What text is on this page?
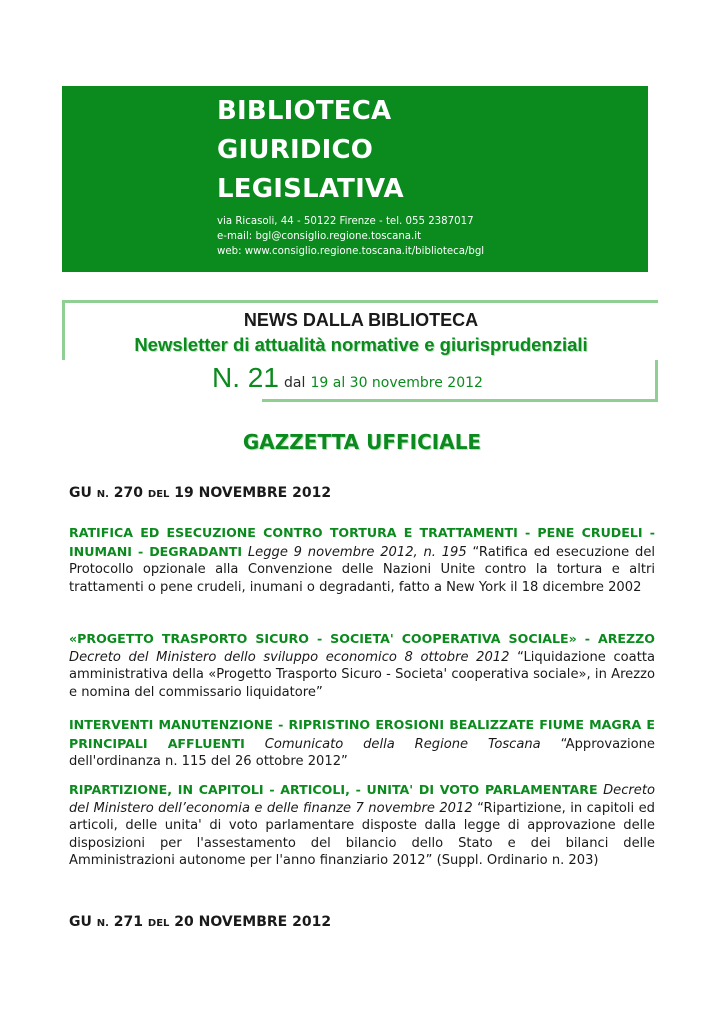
BIBLIOTECA
GIURIDICO
LEGISLATIVA
via Ricasoli, 44 - 50122 Firenze - tel. 055 2387017
e-mail: bgl@consiglio.regione.toscana.it
web: www.consiglio.regione.toscana.it/biblioteca/bgl
NEWS DALLA BIBLIOTECA
Newsletter di attualità normative e giurisprudenziali
N. 21 dal 19 al 30 novembre 2012
GAZZETTA UFFICIALE
GU N. 270 DEL 19 NOVEMBRE 2012
RATIFICA ED ESECUZIONE CONTRO TORTURA E TRATTAMENTI - PENE CRUDELI - INUMANI - DEGRADANTI Legge 9 novembre 2012, n. 195 “Ratifica ed esecuzione del Protocollo opzionale alla Convenzione delle Nazioni Unite contro la tortura e altri trattamenti o pene crudeli, inumani o degradanti, fatto a New York il 18 dicembre 2002
«PROGETTO TRASPORTO SICURO - SOCIETA' COOPERATIVA SOCIALE» - AREZZO Decreto del Ministero dello sviluppo economico 8 ottobre 2012 “Liquidazione coatta amministrativa della «Progetto Trasporto Sicuro - Societa' cooperativa sociale», in Arezzo e nomina del commissario liquidatore”
INTERVENTI MANUTENZIONE - RIPRISTINO EROSIONI BEALIZZATE FIUME MAGRA E PRINCIPALI AFFLUENTI Comunicato della Regione Toscana “Approvazione dell'ordinanza n. 115 del 26 ottobre 2012”
RIPARTIZIONE, IN CAPITOLI - ARTICOLI, - UNITA' DI VOTO PARLAMENTARE Decreto del Ministero dell’economia e delle finanze 7 novembre 2012 “Ripartizione, in capitoli ed articoli, delle unita' di voto parlamentare disposte dalla legge di approvazione delle disposizioni per l'assestamento del bilancio dello Stato e dei bilanci delle Amministrazioni autonome per l'anno finanziario 2012” (Suppl. Ordinario n. 203)
GU N. 271 DEL 20 NOVEMBRE 2012
